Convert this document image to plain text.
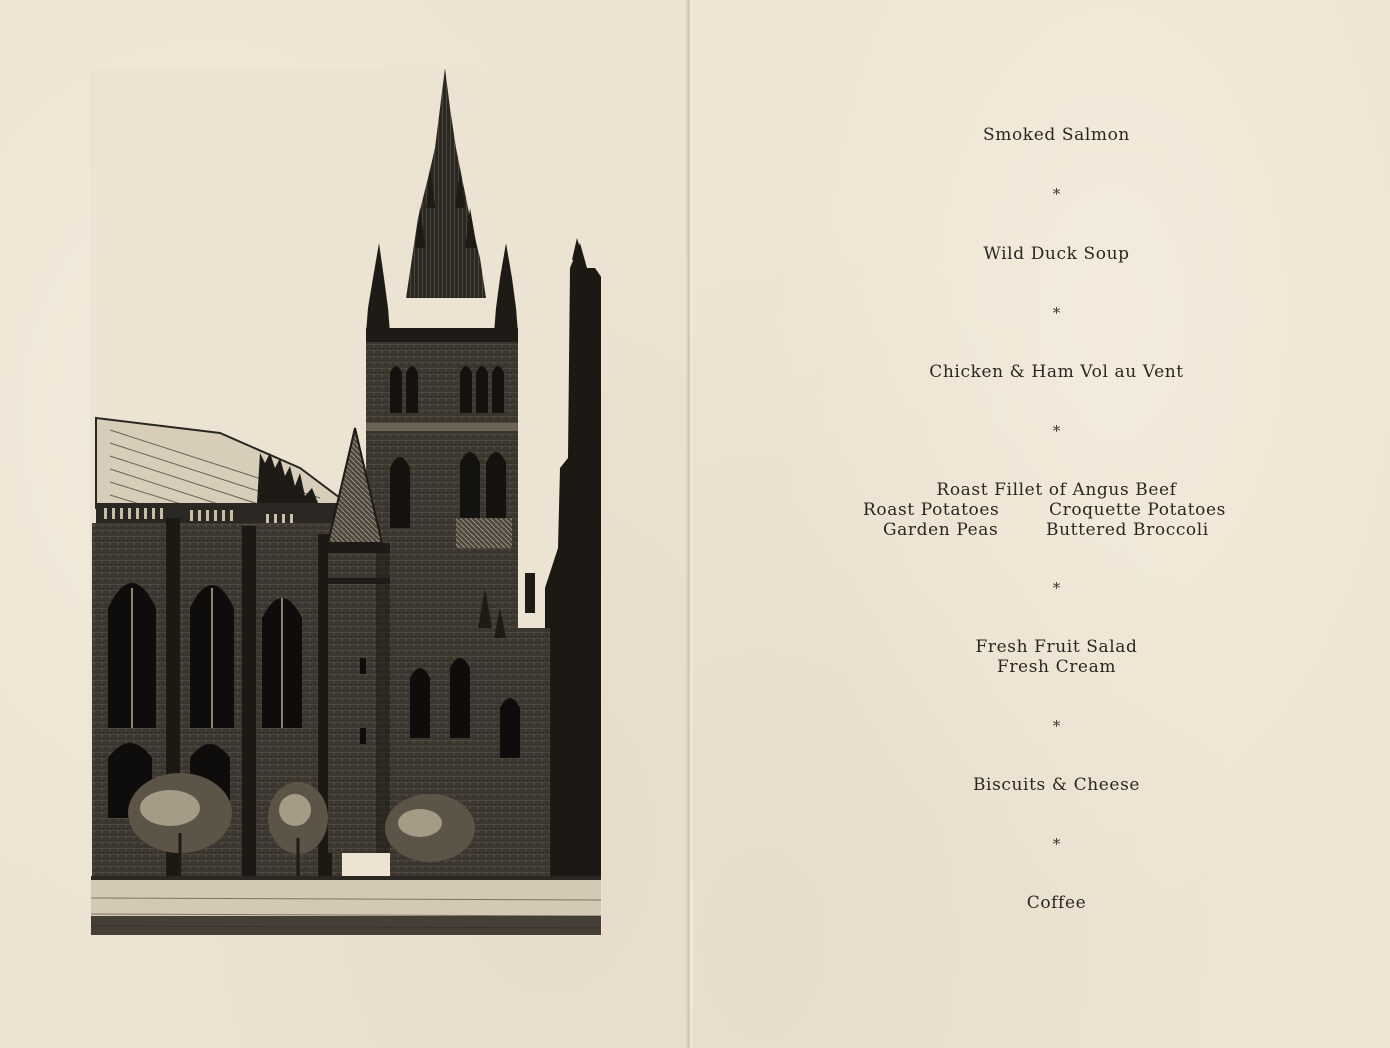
Smoked Salmon
*
Wild Duck Soup
*
Chicken & Ham Vol au Vent
*
Roast Fillet of Angus Beef
Roast Potatoes	Croquette Potatoes
Garden Peas	Buttered Broccoli
*
Fresh Fruit Salad
Fresh Cream
*
Biscuits & Cheese
*
Coffee
